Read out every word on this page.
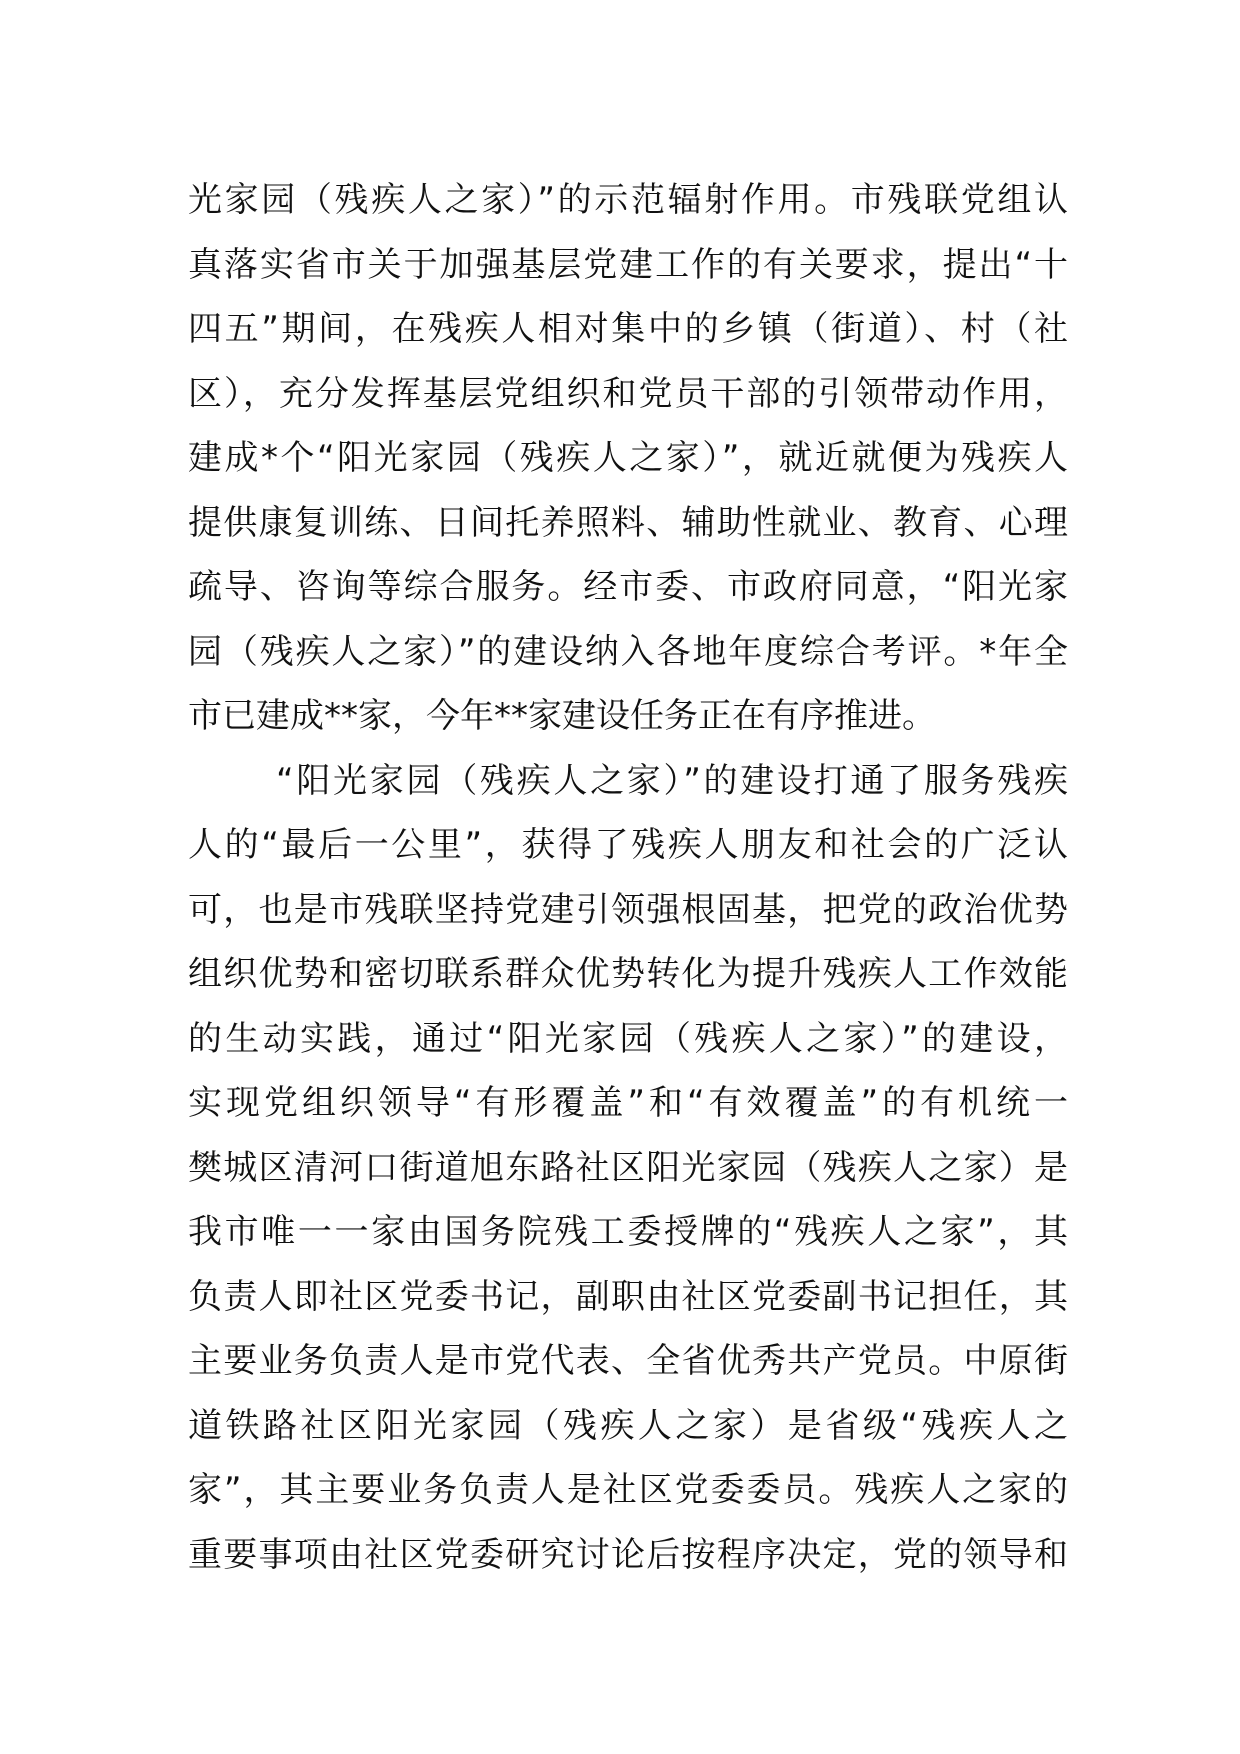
光家园（残疾人之家）”的示范辐射作用。市残联党组认
真落实省市关于加强基层党建工作的有关要求，提出“十
四五”期间，在残疾人相对集中的乡镇（街道）、村（社
区），充分发挥基层党组织和党员干部的引领带动作用，
建成*个“阳光家园（残疾人之家）”，就近就便为残疾人
提供康复训练、日间托养照料、辅助性就业、教育、心理
疏导、咨询等综合服务。经市委、市政府同意，“阳光家
园（残疾人之家）”的建设纳入各地年度综合考评。*年全
市已建成**家，今年**家建设任务正在有序推进。
“阳光家园（残疾人之家）”的建设打通了服务残疾
人的“最后一公里”，获得了残疾人朋友和社会的广泛认
可，也是市残联坚持党建引领强根固基，把党的政治优势
组织优势和密切联系群众优势转化为提升残疾人工作效能
的生动实践，通过“阳光家园（残疾人之家）”的建设，
实现党组织领导“有形覆盖”和“有效覆盖”的有机统一
樊城区清河口街道旭东路社区阳光家园（残疾人之家）是
我市唯一一家由国务院残工委授牌的“残疾人之家”，其
负责人即社区党委书记，副职由社区党委副书记担任，其
主要业务负责人是市党代表、全省优秀共产党员。中原街
道铁路社区阳光家园（残疾人之家）是省级“残疾人之
家”，其主要业务负责人是社区党委委员。残疾人之家的
重要事项由社区党委研究讨论后按程序决定，党的领导和
